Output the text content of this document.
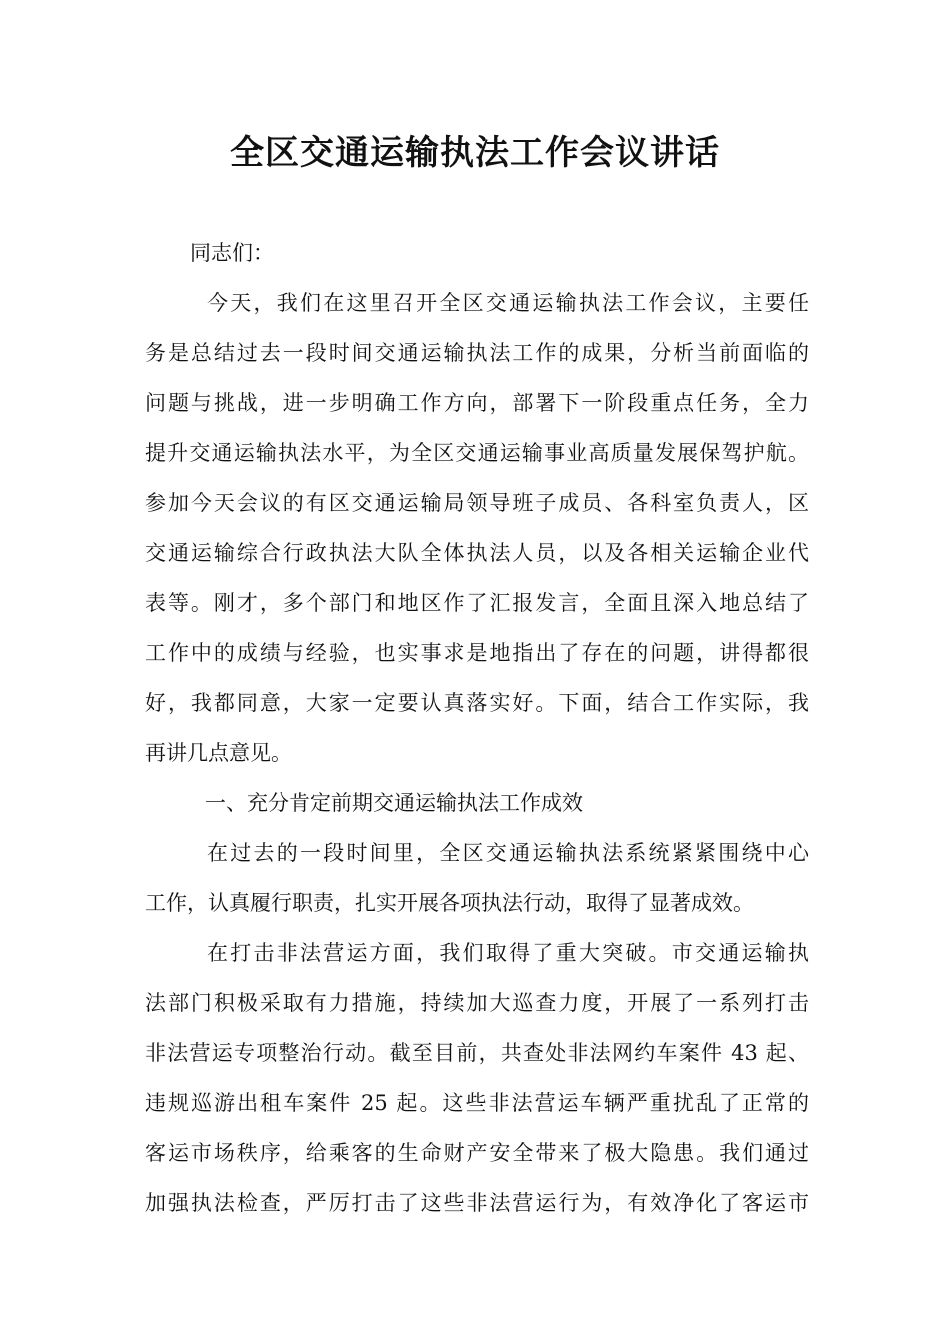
全区交通运输执法工作会议讲话
同志们：
今天，我们在这里召开全区交通运输执法工作会议，主要任
务是总结过去一段时间交通运输执法工作的成果，分析当前面临的
问题与挑战，进一步明确工作方向，部署下一阶段重点任务，全力
提升交通运输执法水平，为全区交通运输事业高质量发展保驾护航。
参加今天会议的有区交通运输局领导班子成员、各科室负责人，区
交通运输综合行政执法大队全体执法人员，以及各相关运输企业代
表等。刚才，多个部门和地区作了汇报发言，全面且深入地总结了
工作中的成绩与经验，也实事求是地指出了存在的问题，讲得都很
好，我都同意，大家一定要认真落实好。下面，结合工作实际，我
再讲几点意见。
一、充分肯定前期交通运输执法工作成效
在过去的一段时间里，全区交通运输执法系统紧紧围绕中心
工作，认真履行职责，扎实开展各项执法行动，取得了显著成效。
在打击非法营运方面，我们取得了重大突破。市交通运输执
法部门积极采取有力措施，持续加大巡查力度，开展了一系列打击
非法营运专项整治行动。截至目前，共查处非法网约车案件 43 起、
违规巡游出租车案件 25 起。这些非法营运车辆严重扰乱了正常的
客运市场秩序，给乘客的生命财产安全带来了极大隐患。我们通过
加强执法检查，严厉打击了这些非法营运行为，有效净化了客运市
